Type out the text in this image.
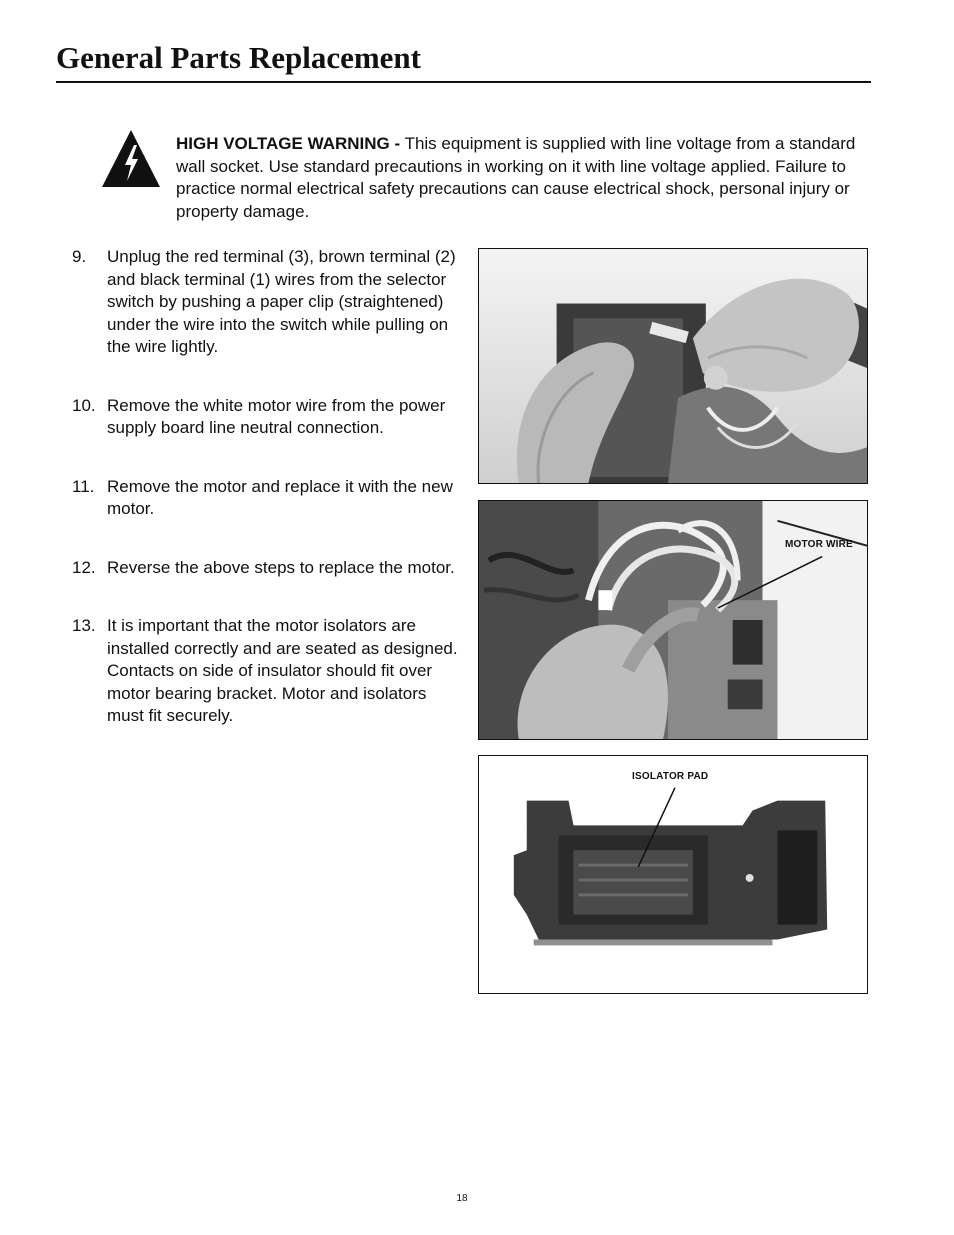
General Parts Replacement
HIGH VOLTAGE WARNING - This equipment is supplied with line voltage from a standard wall socket. Use standard precautions in working on it with line voltage applied. Failure to practice normal electrical safety precautions can cause electrical shock, personal injury or property damage.
9.	Unplug the red terminal (3), brown terminal (2) and black terminal (1) wires from the selector switch by pushing a paper clip (straightened) under the wire into the switch while pulling on the wire lightly.
10. Remove the white motor wire from the power supply board line neutral connection.
11. Remove the motor and replace it with the new motor.
12. Reverse the above steps to replace the motor.
13. It is important that the motor isolators are installed correctly and are seated as designed. Contacts on side of insulator should fit over motor bearing bracket. Motor and isolators must fit securely.
MOTOR WIRE
ISOLATOR PAD
18
